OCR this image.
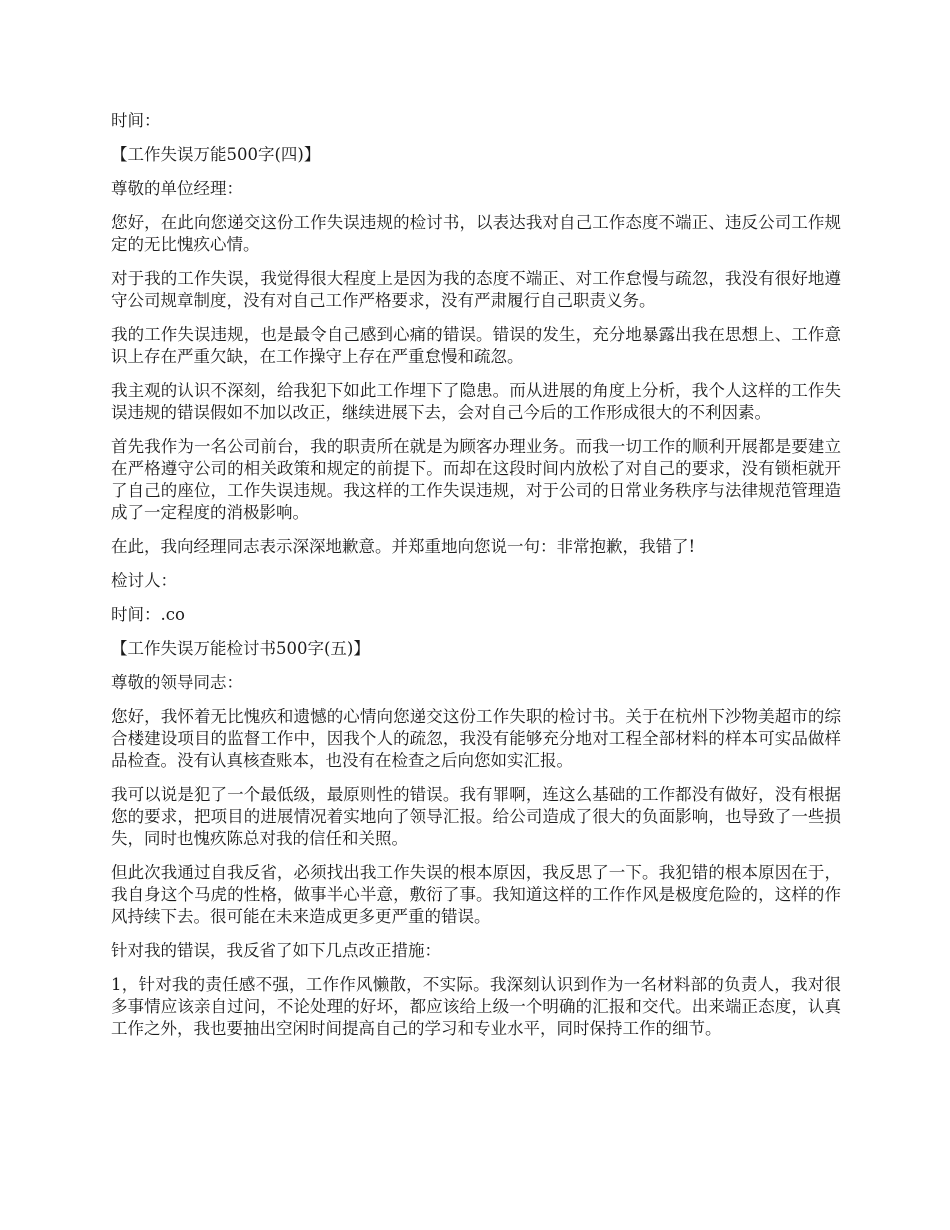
时间：

【工作失误万能500字(四)】

尊敬的单位经理：

您好，在此向您递交这份工作失误违规的检讨书，以表达我对自己工作态度不端正、违反公司工作规定的无比愧疚心情。

对于我的工作失误，我觉得很大程度上是因为我的态度不端正、对工作怠慢与疏忽，我没有很好地遵守公司规章制度，没有对自己工作严格要求，没有严肃履行自己职责义务。

我的工作失误违规，也是最令自己感到心痛的错误。错误的发生，充分地暴露出我在思想上、工作意识上存在严重欠缺，在工作操守上存在严重怠慢和疏忽。

我主观的认识不深刻，给我犯下如此工作埋下了隐患。而从进展的角度上分析，我个人这样的工作失误违规的错误假如不加以改正，继续进展下去，会对自己今后的工作形成很大的不利因素。

首先我作为一名公司前台，我的职责所在就是为顾客办理业务。而我一切工作的顺利开展都是要建立在严格遵守公司的相关政策和规定的前提下。而却在这段时间内放松了对自己的要求，没有锁柜就开了自己的座位，工作失误违规。我这样的工作失误违规，对于公司的日常业务秩序与法律规范管理造成了一定程度的消极影响。

在此，我向经理同志表示深深地歉意。并郑重地向您说一句：非常抱歉，我错了!

检讨人：

时间：.co

【工作失误万能检讨书500字(五)】

尊敬的领导同志：

您好，我怀着无比愧疚和遗憾的心情向您递交这份工作失职的检讨书。关于在杭州下沙物美超市的综合楼建设项目的监督工作中，因我个人的疏忽，我没有能够充分地对工程全部材料的样本可实品做样品检查。没有认真核查账本，也没有在检查之后向您如实汇报。

我可以说是犯了一个最低级，最原则性的错误。我有罪啊，连这么基础的工作都没有做好，没有根据您的要求，把项目的进展情况着实地向了领导汇报。给公司造成了很大的负面影响，也导致了一些损失，同时也愧疚陈总对我的信任和关照。

但此次我通过自我反省，必须找出我工作失误的根本原因，我反思了一下。我犯错的根本原因在于，我自身这个马虎的性格，做事半心半意，敷衍了事。我知道这样的工作作风是极度危险的，这样的作风持续下去。很可能在未来造成更多更严重的错误。

针对我的错误，我反省了如下几点改正措施：

1，针对我的责任感不强，工作作风懒散，不实际。我深刻认识到作为一名材料部的负责人，我对很多事情应该亲自过问，不论处理的好坏，都应该给上级一个明确的汇报和交代。出来端正态度，认真工作之外，我也要抽出空闲时间提高自己的学习和专业水平，同时保持工作的细节。
